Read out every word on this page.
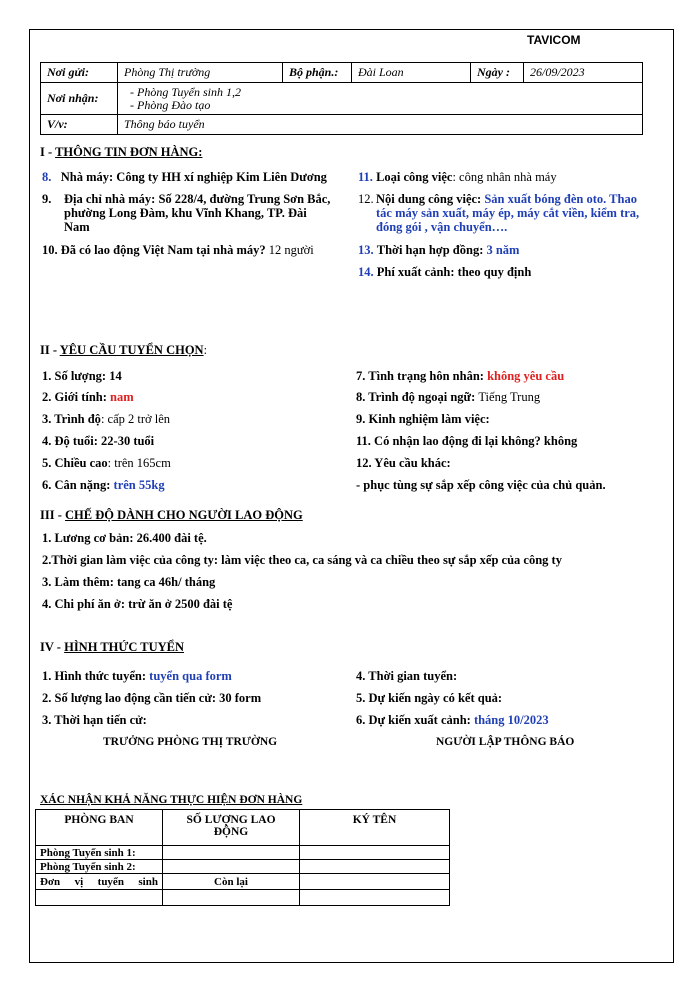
TAVICOM
Nơi gửi:	Phòng Thị trường	Bộ phận.:	Đài Loan	Ngày :	26/09/2023
Nơi nhận:	- Phòng Tuyển sinh 1,2
- Phòng Đào tạo				

V/v:	Thông báo tuyển				
I - THÔNG TIN ĐƠN HÀNG:
8. Nhà máy: Công ty HH xí nghiệp Kim Liên Dương
9. Địa chỉ nhà máy: Số 228/4, đường Trung Sơn Bắc,
phường Long Đàm, khu Vĩnh Khang, TP. Đài
Nam
10. Đã có lao động Việt Nam tại nhà máy? 12 người
11. Loại công việc: công nhân nhà máy
12. Nội dung công việc: Sản xuất bóng đèn oto. Thao
tác máy sản xuất, máy ép, máy cắt viền, kiểm tra,
đóng gói , vận chuyển….
13. Thời hạn hợp đồng: 3 năm
14. Phí xuất cảnh: theo quy định
II - YÊU CẦU TUYỂN CHỌN:
1. Số lượng: 14
2. Giới tính: nam
3. Trình độ: cấp 2 trở lên
4. Độ tuổi: 22-30 tuổi
5. Chiều cao: trên 165cm
6. Cân nặng: trên 55kg
7. Tình trạng hôn nhân: không yêu cầu
8. Trình độ ngoại ngữ: Tiếng Trung
9. Kinh nghiệm làm việc:
11. Có nhận lao động đi lại không? không
12. Yêu cầu khác:
- phục tùng sự sắp xếp công việc của chủ quản.
III - CHẾ ĐỘ DÀNH CHO NGƯỜI LAO ĐỘNG
1. Lương cơ bản: 26.400 đài tệ.
2.Thời gian làm việc của công ty: làm việc theo ca, ca sáng và ca chiều theo sự sắp xếp của công ty
3. Làm thêm: tang ca 46h/ tháng
4. Chi phí ăn ở: trừ ăn ở 2500 đài tệ
IV - HÌNH THỨC TUYỂN
1. Hình thức tuyển: tuyển qua form
2. Số lượng lao động cần tiến cử: 30 form
3. Thời hạn tiến cử:
4. Thời gian tuyển:
5. Dự kiến ngày có kết quả:
6. Dự kiến xuất cảnh: tháng 10/2023
TRƯỞNG PHÒNG THỊ TRƯỜNG	NGƯỜI LẬP THÔNG BÁO
XÁC NHẬN KHẢ NĂNG THỰC HIỆN ĐƠN HÀNG
PHÒNG BAN	SỐ LƯỢNG LAO
ĐỘNG	KÝ TÊN
Phòng Tuyển sinh 1:		
Phòng Tuyển sinh 2:		

Đơn vị tuyển sinh	Còn lại	
